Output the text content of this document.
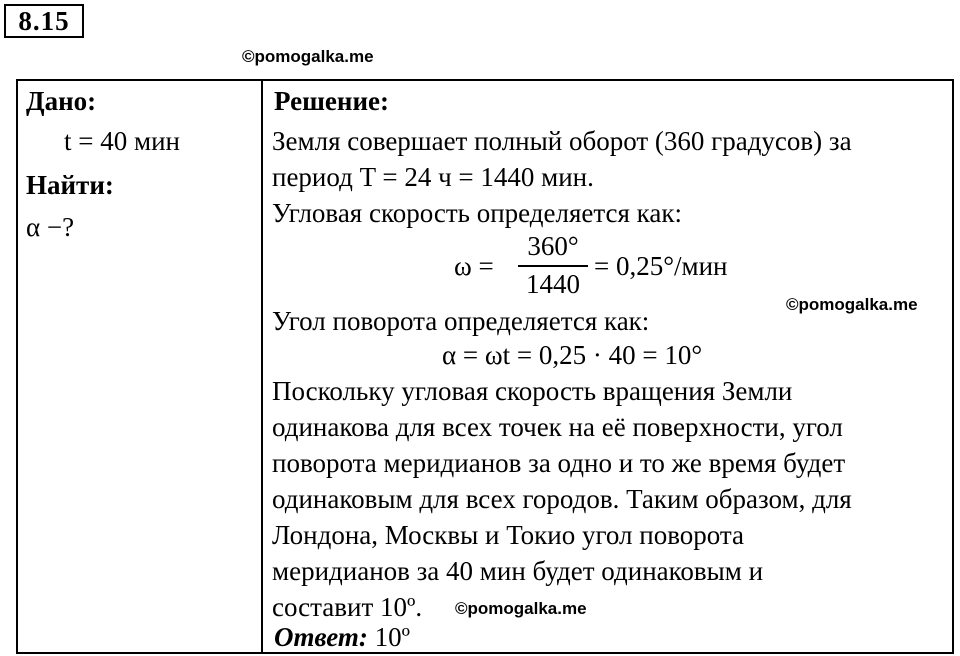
8.15
©pomogalka.me
©pomogalka.me
©pomogalka.me
Дано:
t = 40 мин
Найти:
α −?
Решение:
Земля совершает полный оборот (360 градусов) за
период T = 24 ч = 1440 мин.
Угловая скорость определяется как:
ω =
360°
1440
= 0,25°/мин
Угол поворота определяется как:
α = ωt = 0,25 · 40 = 10°
Поскольку угловая скорость вращения Земли
одинакова для всех точек на её поверхности, угол
поворота меридианов за одно и то же время будет
одинаковым для всех городов. Таким образом, для
Лондона, Москвы и Токио угол поворота
меридианов за 40 мин будет одинаковым и
составит 10º.
Ответ: 10º
